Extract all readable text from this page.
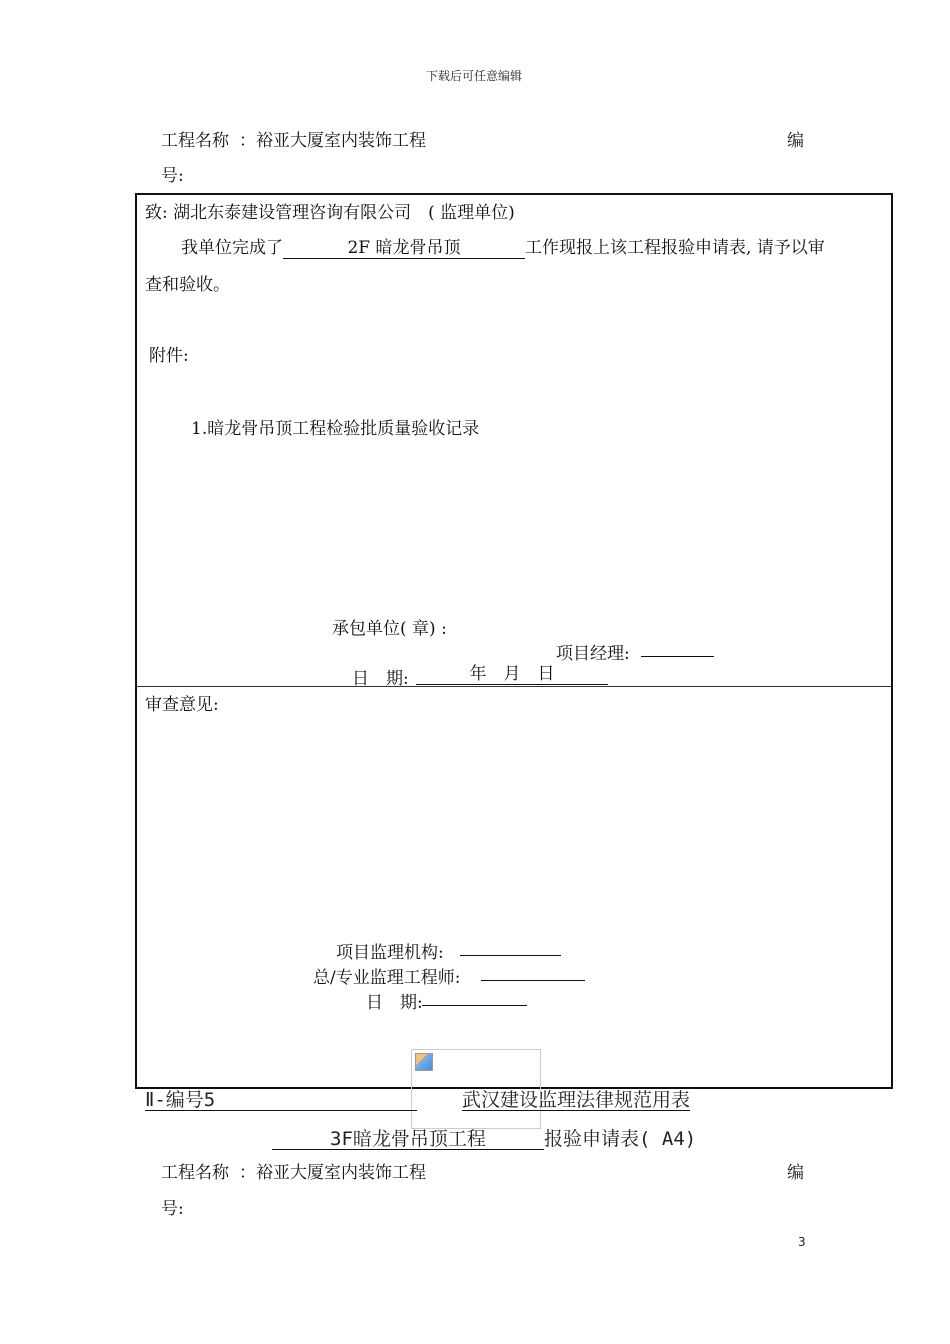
下载后可任意编辑
工程名称 ：裕亚大厦室内装饰工程	编
号:
致: 湖北东泰建设管理咨询有限公司　( 监理单位)
我单位完成了	2F 暗龙骨吊顶	工作现报上该工程报验申请表, 请予以审
查和验收。
附件:
1.暗龙骨吊顶工程检验批质量验收记录
承包单位( 章) :
项目经理:
日　期:	年　月　日
审查意见:
项目监理机构:
总/专业监理工程师:
日　期:
Ⅱ-编号5	武汉建设监理法律规范用表
3F暗龙骨吊顶工程	报验申请表( A4)
工程名称 ：裕亚大厦室内装饰工程	编
号:
3
